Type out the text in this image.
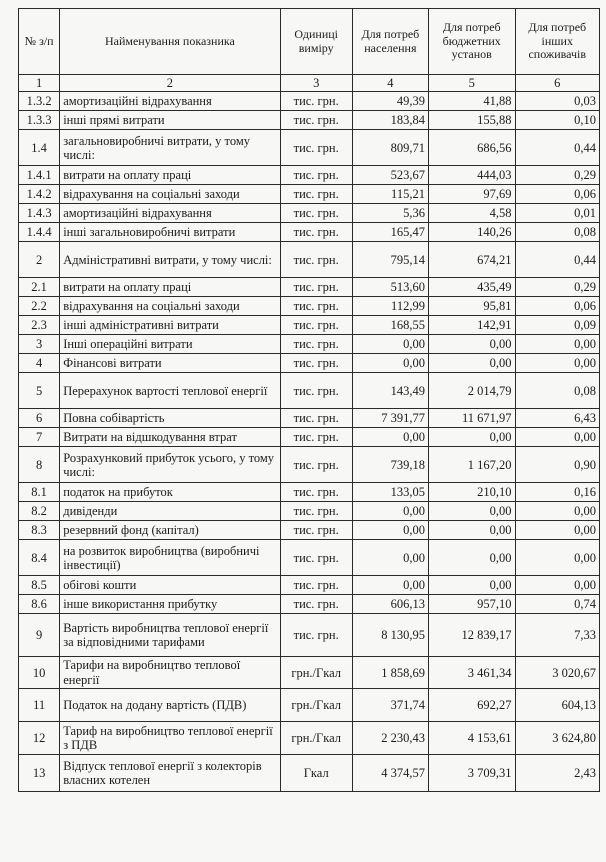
№ з/п	Найменування показника	Одиниці виміру	Для потреб населення	Для потреб бюджетних установ	Для потреб інших споживачів
1	2	3	4	5	6
1.3.2	амортизаційні відрахування	тис. грн.	49,39	41,88	0,03
1.3.3	інші прямі витрати	тис. грн.	183,84	155,88	0,10
1.4	загальновиробничі витрати, у тому числі:	тис. грн.	809,71	686,56	0,44
1.4.1	витрати на оплату праці	тис. грн.	523,67	444,03	0,29
1.4.2	відрахування на соціальні заходи	тис. грн.	115,21	97,69	0,06
1.4.3	амортизаційні відрахування	тис. грн.	5,36	4,58	0,01
1.4.4	інші загальновиробничі витрати	тис. грн.	165,47	140,26	0,08
2	Адміністративні витрати, у тому числі:	тис. грн.	795,14	674,21	0,44
2.1	витрати на оплату праці	тис. грн.	513,60	435,49	0,29
2.2	відрахування на соціальні заходи	тис. грн.	112,99	95,81	0,06
2.3	інші адміністративні витрати	тис. грн.	168,55	142,91	0,09
3	Інші операційні витрати	тис. грн.	0,00	0,00	0,00
4	Фінансові витрати	тис. грн.	0,00	0,00	0,00
5	Перерахунок вартості теплової енергії	тис. грн.	143,49	2 014,79	0,08
6	Повна собівартість	тис. грн.	7 391,77	11 671,97	6,43
7	Витрати на відшкодування втрат	тис. грн.	0,00	0,00	0,00
8	Розрахунковий прибуток усього, у тому числі:	тис. грн.	739,18	1 167,20	0,90
8.1	податок на прибуток	тис. грн.	133,05	210,10	0,16
8.2	дивіденди	тис. грн.	0,00	0,00	0,00
8.3	резервний фонд (капітал)	тис. грн.	0,00	0,00	0,00
8.4	на розвиток виробництва (виробничі інвестиції)	тис. грн.	0,00	0,00	0,00
8.5	обігові кошти	тис. грн.	0,00	0,00	0,00
8.6	інше використання прибутку	тис. грн.	606,13	957,10	0,74
9	Вартість виробництва теплової енергії за відповідними тарифами	тис. грн.	8 130,95	12 839,17	7,33
10	Тарифи на виробництво теплової енергії	грн./Гкал	1 858,69	3 461,34	3 020,67
11	Податок на додану вартість (ПДВ)	грн./Гкал	371,74	692,27	604,13
12	Тариф на виробництво теплової енергії з ПДВ	грн./Гкал	2 230,43	4 153,61	3 624,80
13	Відпуск теплової енергії з колекторів власних котелен	Гкал	4 374,57	3 709,31	2,43
